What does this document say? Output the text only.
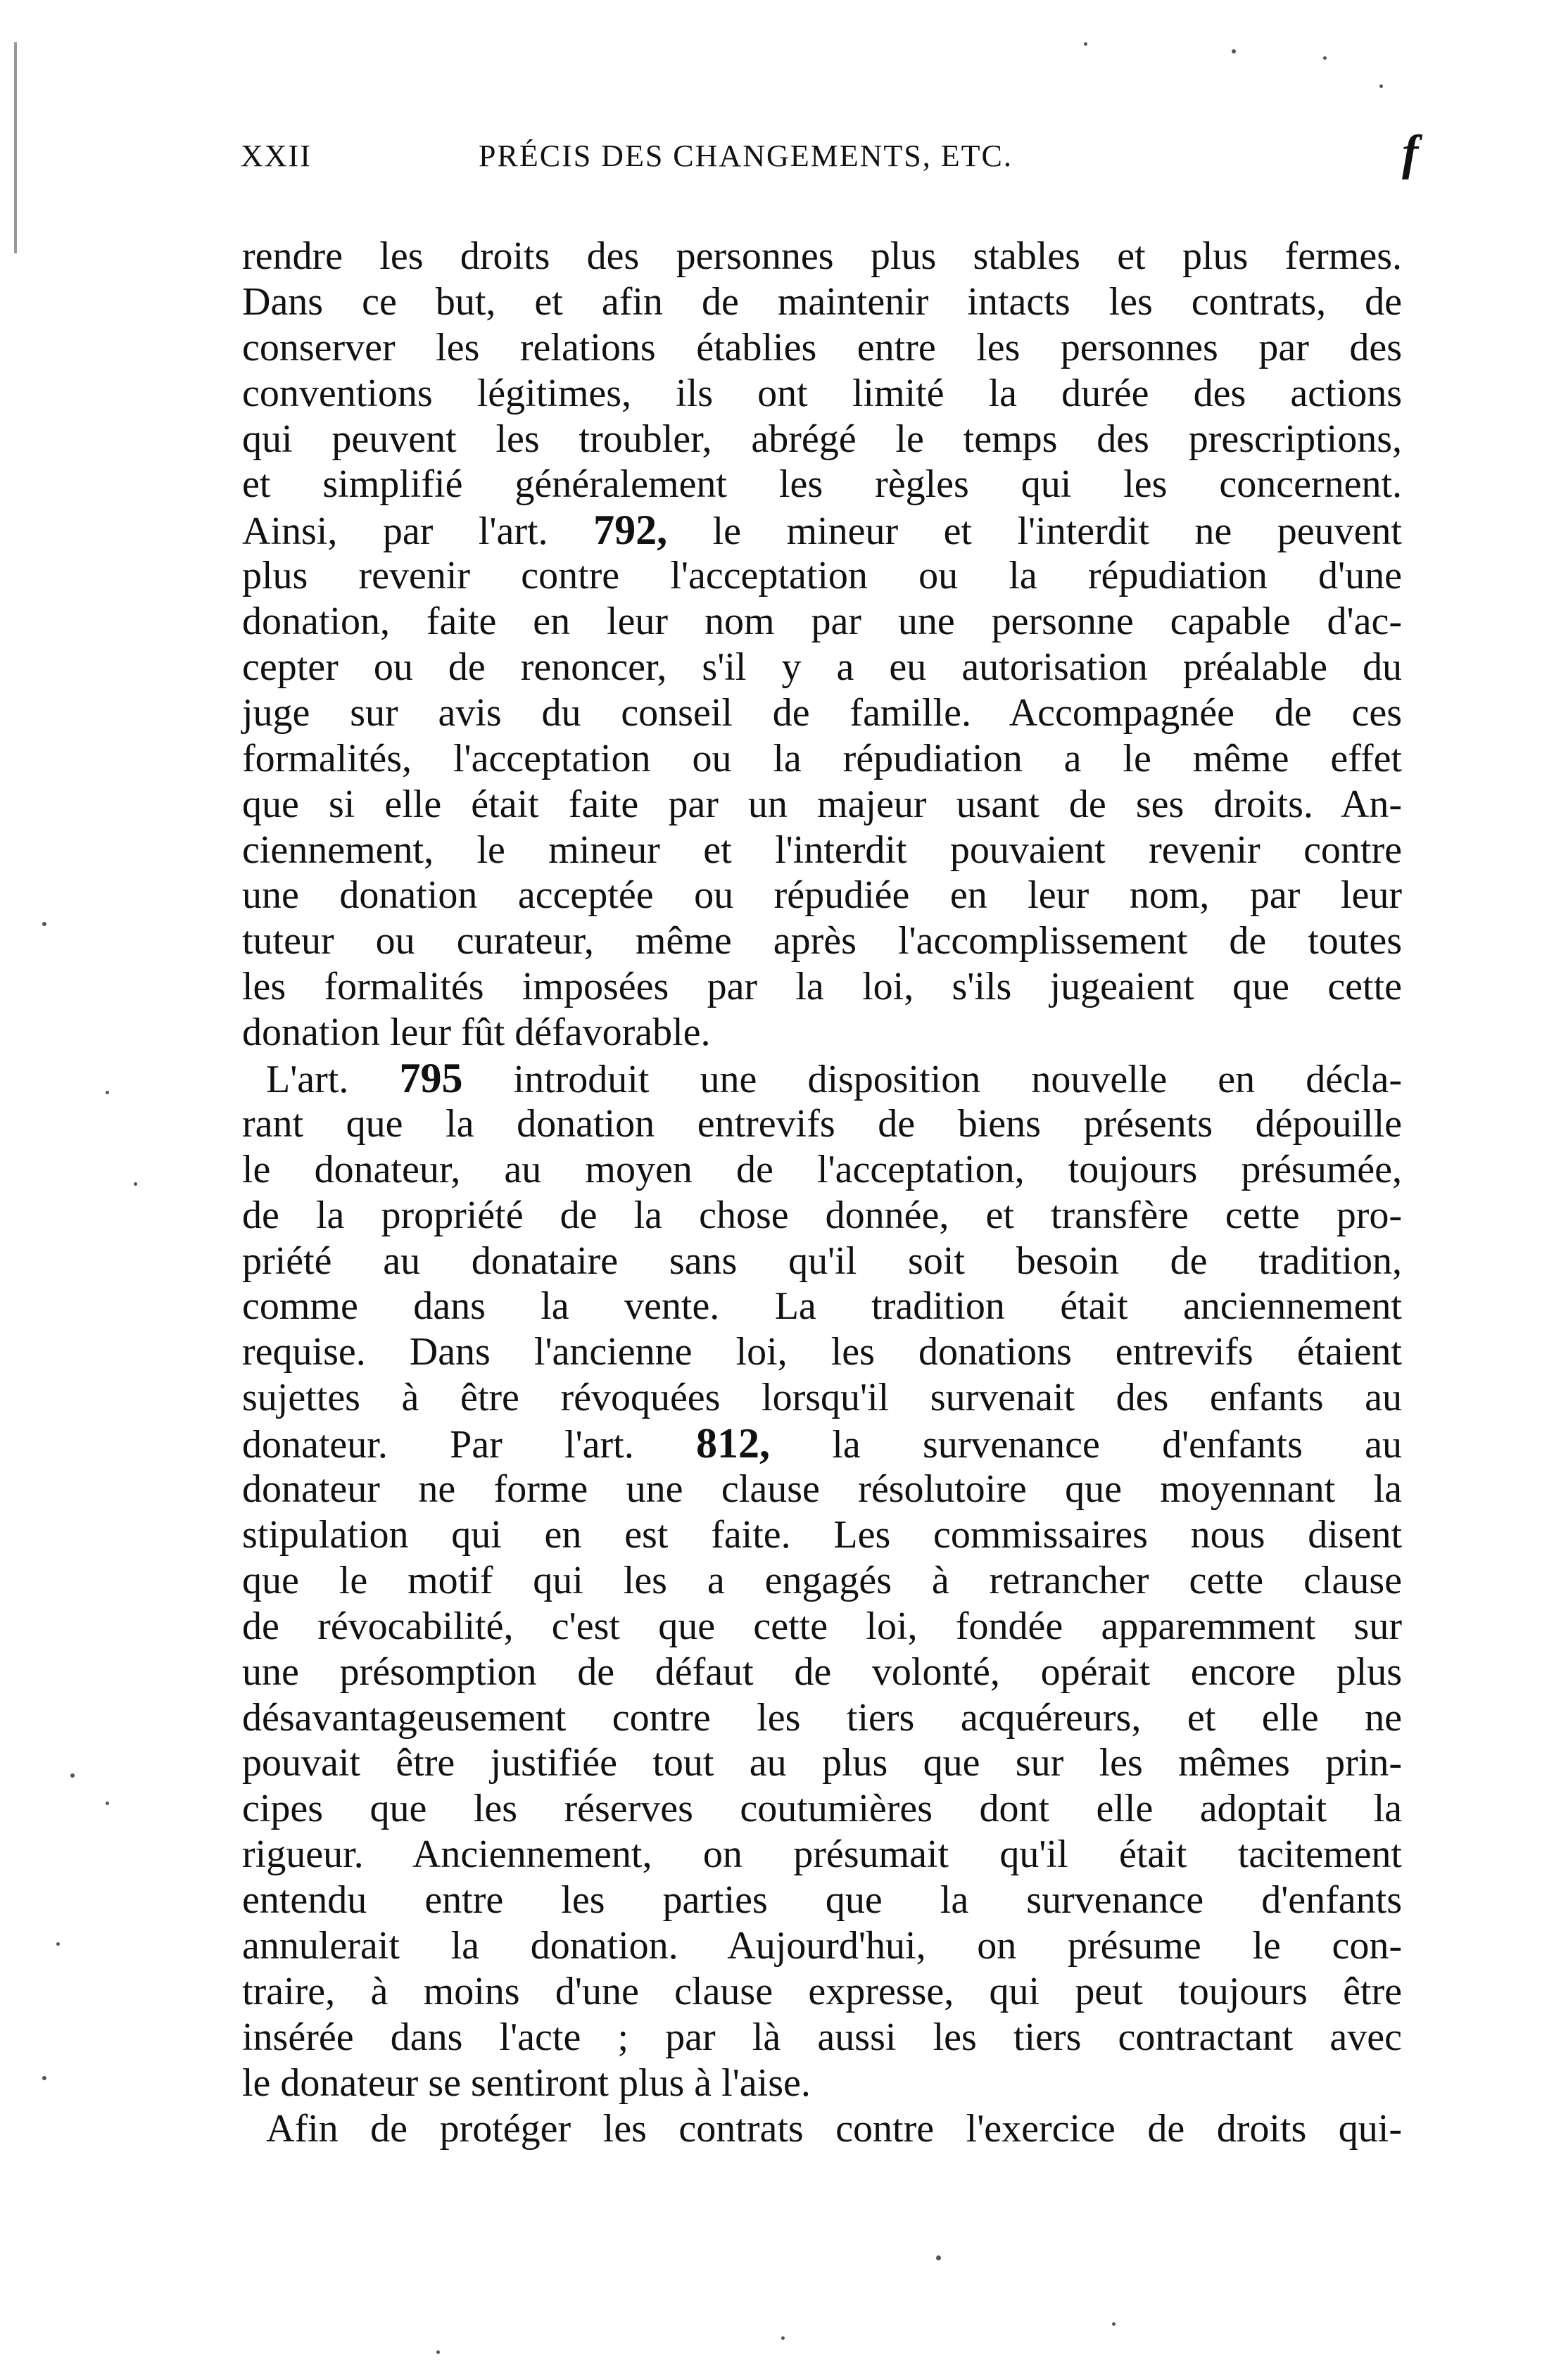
XXII	PRÉCIS DES CHANGEMENTS, ETC.	f
rendre les droits des personnes plus stables et plus fermes.
Dans ce but, et afin de maintenir intacts les contrats, de
conserver les relations établies entre les personnes par des
conventions légitimes, ils ont limité la durée des actions
qui peuvent les troubler, abrégé le temps des prescriptions,
et simplifié généralement les règles qui les concernent.
Ainsi, par l'art. 792, le mineur et l'interdit ne peuvent
plus revenir contre l'acceptation ou la répudiation d'une
donation, faite en leur nom par une personne capable d'ac-
cepter ou de renoncer, s'il y a eu autorisation préalable du
juge sur avis du conseil de famille. Accompagnée de ces
formalités, l'acceptation ou la répudiation a le même effet
que si elle était faite par un majeur usant de ses droits. An-
ciennement, le mineur et l'interdit pouvaient revenir contre
une donation acceptée ou répudiée en leur nom, par leur
tuteur ou curateur, même après l'accomplissement de toutes
les formalités imposées par la loi, s'ils jugeaient que cette
donation leur fût défavorable.
L'art. 795 introduit une disposition nouvelle en décla-
rant que la donation entrevifs de biens présents dépouille
le donateur, au moyen de l'acceptation, toujours présumée,
de la propriété de la chose donnée, et transfère cette pro-
priété au donataire sans qu'il soit besoin de tradition,
comme dans la vente. La tradition était anciennement
requise. Dans l'ancienne loi, les donations entrevifs étaient
sujettes à être révoquées lorsqu'il survenait des enfants au
donateur. Par l'art. 812, la survenance d'enfants au
donateur ne forme une clause résolutoire que moyennant la
stipulation qui en est faite. Les commissaires nous disent
que le motif qui les a engagés à retrancher cette clause
de révocabilité, c'est que cette loi, fondée apparemment sur
une présomption de défaut de volonté, opérait encore plus
désavantageusement contre les tiers acquéreurs, et elle ne
pouvait être justifiée tout au plus que sur les mêmes prin-
cipes que les réserves coutumières dont elle adoptait la
rigueur. Anciennement, on présumait qu'il était tacitement
entendu entre les parties que la survenance d'enfants
annulerait la donation. Aujourd'hui, on présume le con-
traire, à moins d'une clause expresse, qui peut toujours être
insérée dans l'acte ; par là aussi les tiers contractant avec
le donateur se sentiront plus à l'aise.
Afin de protéger les contrats contre l'exercice de droits qui-
